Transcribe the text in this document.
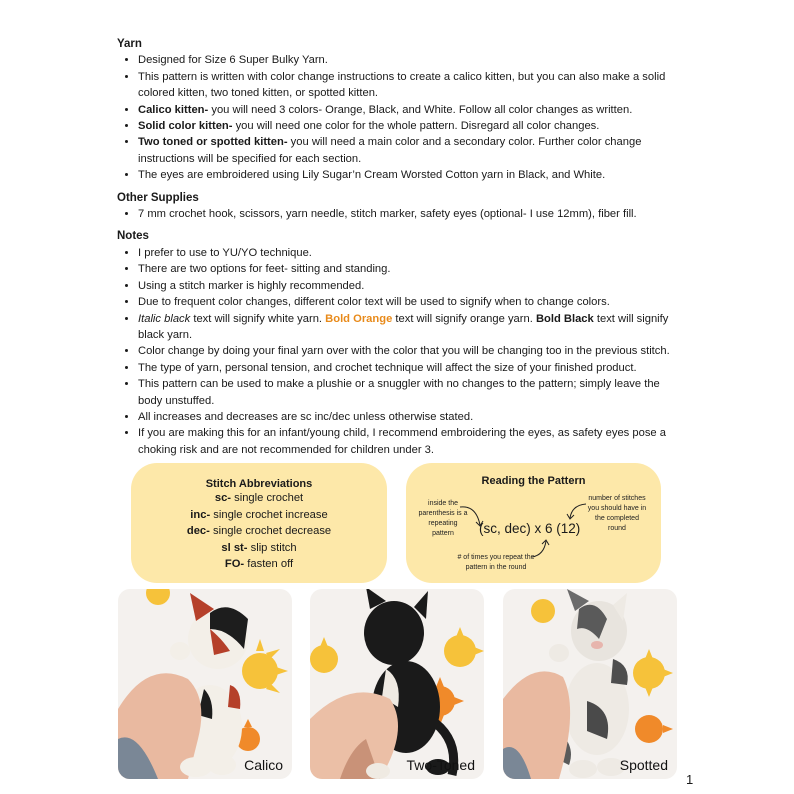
Yarn

• Designed for Size 6 Super Bulky Yarn.
• This pattern is written with color change instructions to create a calico kitten, but you can also make a solid colored kitten, two toned kitten, or spotted kitten.
• Calico kitten- you will need 3 colors- Orange, Black, and White. Follow all color changes as written.
• Solid color kitten- you will need one color for the whole pattern. Disregard all color changes.
• Two toned or spotted kitten- you will need a main color and a secondary color. Further color change instructions will be specified for each section.
• The eyes are embroidered using Lily Sugar’n Cream Worsted Cotton yarn in Black, and White.

Other Supplies

• 7 mm crochet hook, scissors, yarn needle, stitch marker, safety eyes (optional- I use 12mm), fiber fill.

Notes

• I prefer to use to YU/YO technique.
• There are two options for feet- sitting and standing.
• Using a stitch marker is highly recommended.
• Due to frequent color changes, different color text will be used to signify when to change colors.
• Italic black text will signify white yarn. Bold Orange text will signify orange yarn. Bold Black text will signify black yarn.
• Color change by doing your final yarn over with the color that you will be changing too in the previous stitch.
• The type of yarn, personal tension, and crochet technique will affect the size of your finished product.
• This pattern can be used to make a plushie or a snuggler with no changes to the pattern; simply leave the body unstuffed.
• All increases and decreases are sc inc/dec unless otherwise stated.
• If you are making this for an infant/young child, I recommend embroidering the eyes, as safety eyes pose a choking risk and are not recommended for children under 3.
Stitch Abbreviations
sc- single crochet
inc- single crochet increase
dec- single crochet decrease
sl st- slip stitch
FO- fasten off
Reading the Pattern
inside the parenthesis is a repeating pattern	(sc, dec) x 6 (12)
number of stitches you should have in the completed round
# of times you repeat the pattern in the round
Calico	Two-Toned	Spotted
1
